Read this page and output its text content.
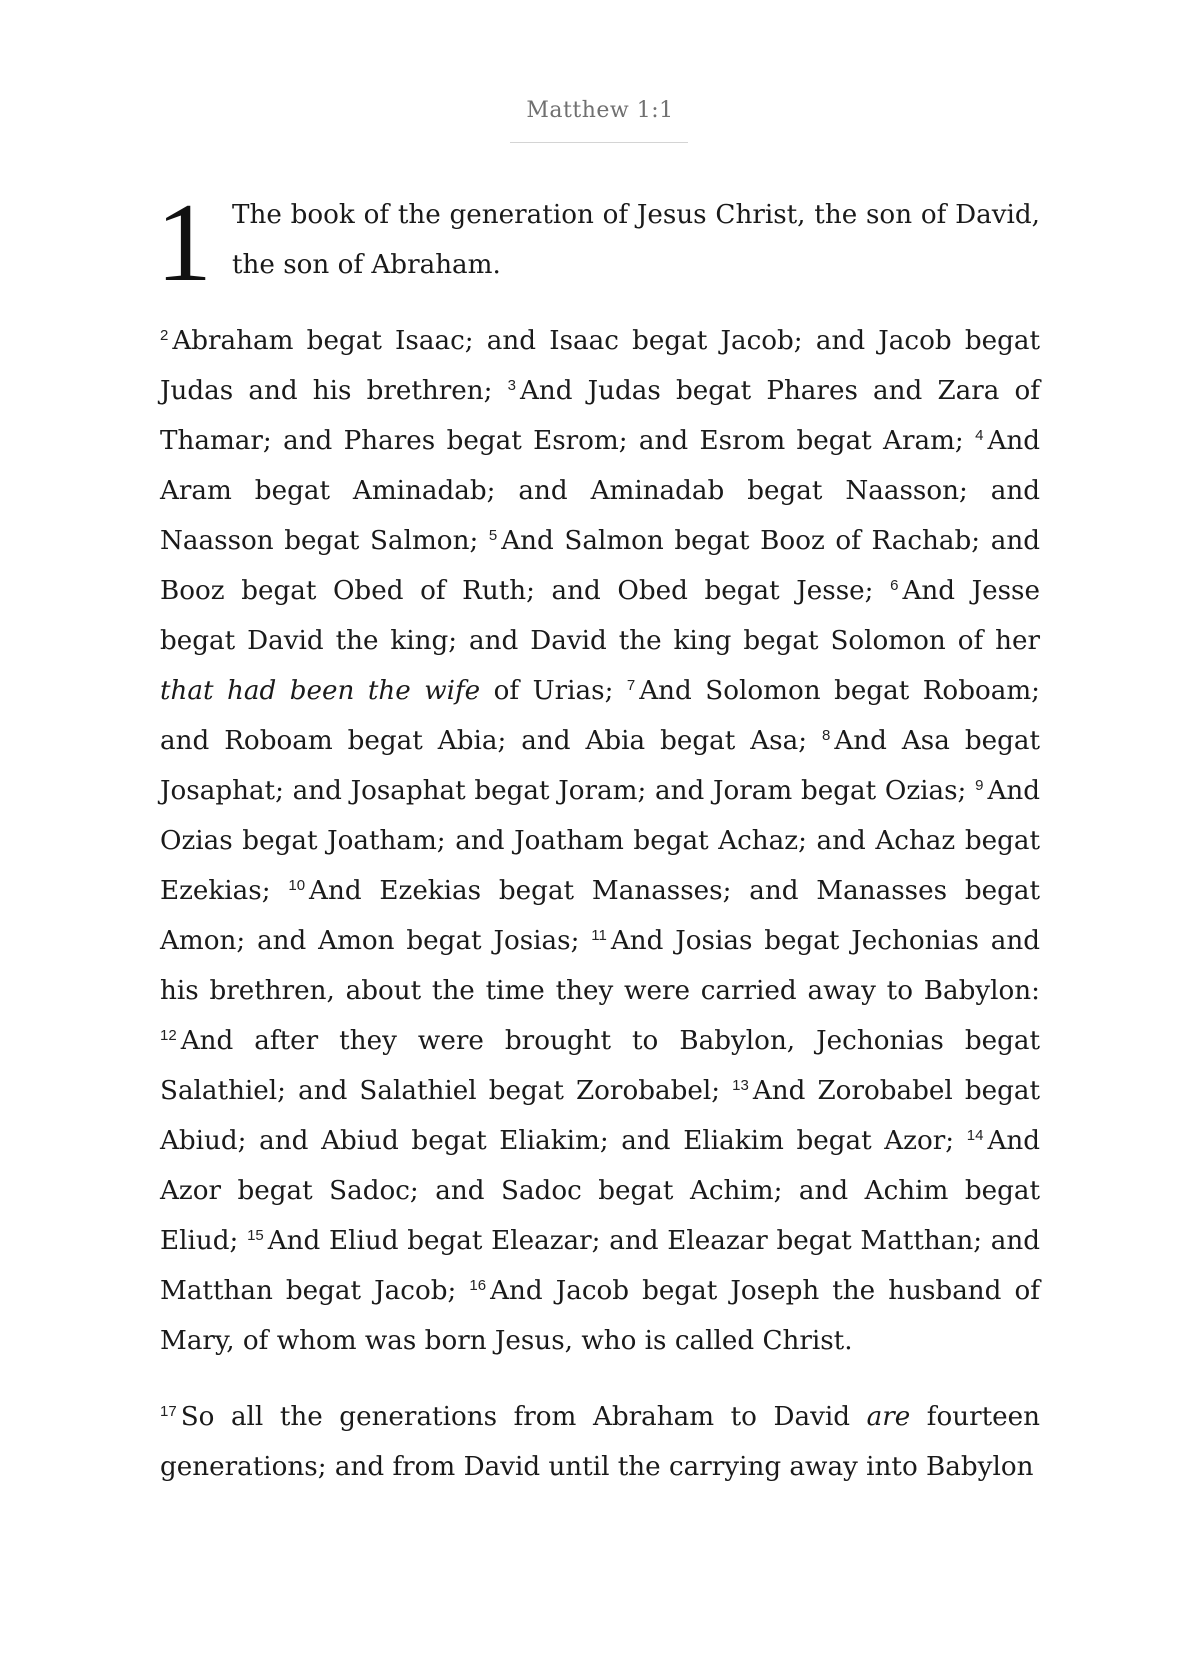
Matthew 1:1

1 The book of the generation of Jesus Christ, the son of David, the son of Abraham.

$^2$ Abraham begat Isaac; and Isaac begat Jacob; and Jacob begat Judas and his brethren; $^3$ And Judas begat Phares and Zara of Thamar; and Phares begat Esrom; and Esrom begat Aram; $^4$ And Aram begat Aminadab; and Aminadab begat Naasson; and Naasson begat Salmon; $^5$ And Salmon begat Booz of Rachab; and Booz begat Obed of Ruth; and Obed begat Jesse; $^6$ And Jesse begat David the king; and David the king begat Solomon of her that had been the wife of Urias; $^7$ And Solomon begat Roboam; and Roboam begat Abia; and Abia begat Asa; $^8$ And Asa begat Josaphat; and Josaphat begat Joram; and Joram begat Ozias; $^9$ And Ozias begat Joatham; and Joatham begat Achaz; and Achaz begat Ezekias; $^{10}$ And Ezekias begat Manasses; and Manasses begat Amon; and Amon begat Josias; $^{11}$ And Josias begat Jechonias and his brethren, about the time they were carried away to Babylon: $^{12}$ And after they were brought to Babylon, Jechonias begat Salathiel; and Salathiel begat Zorobabel; $^{13}$ And Zorobabel begat Abiud; and Abiud begat Eliakim; and Eliakim begat Azor; $^{14}$ And Azor begat Sadoc; and Sadoc begat Achim; and Achim begat Eliud; $^{15}$ And Eliud begat Eleazar; and Eleazar begat Matthan; and Matthan begat Jacob; $^{16}$ And Jacob begat Joseph the husband of Mary, of whom was born Jesus, who is called Christ.

$^{17}$ So all the generations from Abraham to David are fourteen generations; and from David until the carrying away into Babylon
